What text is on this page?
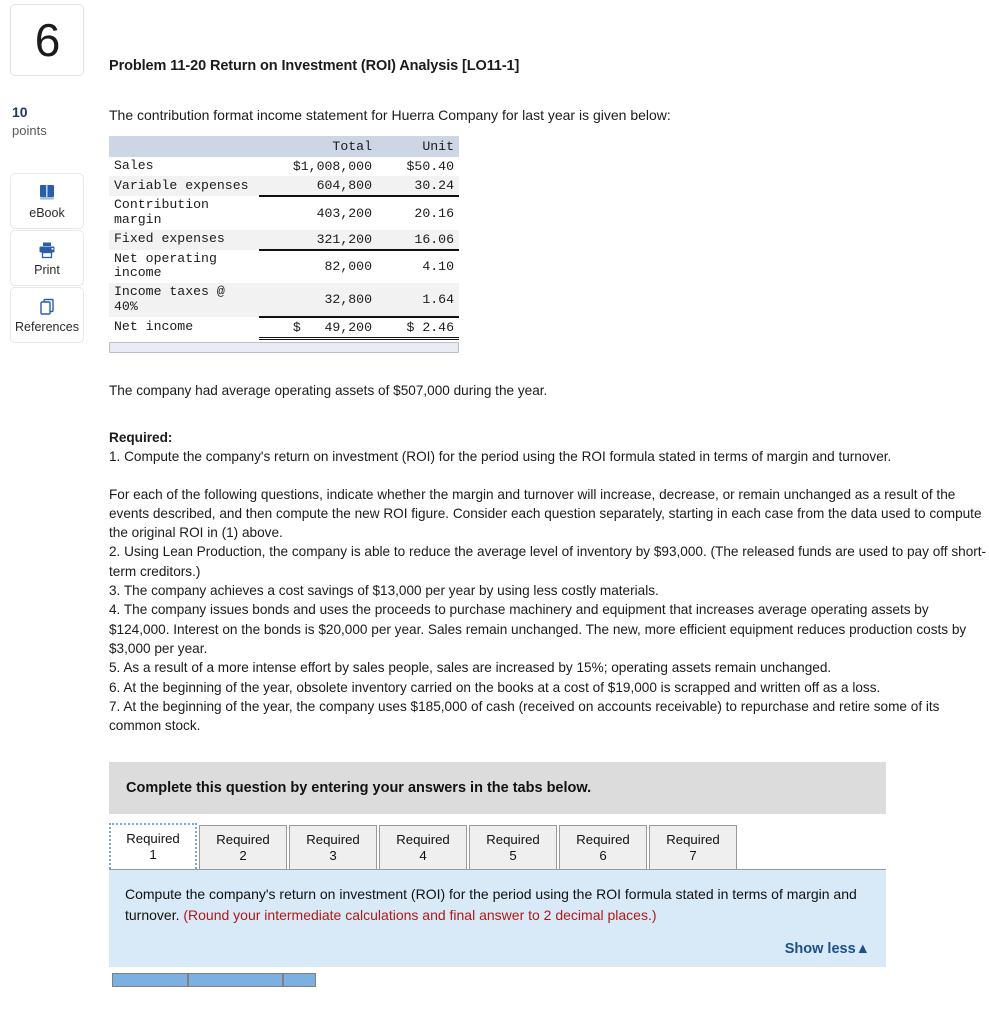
6
10
points
eBook
Print
References
Problem 11-20 Return on Investment (ROI) Analysis [LO11-1]
The contribution format income statement for Huerra Company for last year is given below:
	Total	Unit
Sales	$1,008,000	$50.40
Variable expenses	604,800	30.24
Contribution margin	403,200	20.16
Fixed expenses	321,200	16.06
Net operating income	82,000	4.10
Income taxes @ 40%	32,800	1.64
Net income	$   49,200	$ 2.46
The company had average operating assets of $507,000 during the year.
Required:
1. Compute the company's return on investment (ROI) for the period using the ROI formula stated in terms of margin and turnover.
For each of the following questions, indicate whether the margin and turnover will increase, decrease, or remain unchanged as a result of the events described, and then compute the new ROI figure. Consider each question separately, starting in each case from the data used to compute the original ROI in (1) above.
2. Using Lean Production, the company is able to reduce the average level of inventory by $93,000. (The released funds are used to pay off short-term creditors.)
3. The company achieves a cost savings of $13,000 per year by using less costly materials.
4. The company issues bonds and uses the proceeds to purchase machinery and equipment that increases average operating assets by $124,000. Interest on the bonds is $20,000 per year. Sales remain unchanged. The new, more efficient equipment reduces production costs by $3,000 per year.
5. As a result of a more intense effort by sales people, sales are increased by 15%; operating assets remain unchanged.
6. At the beginning of the year, obsolete inventory carried on the books at a cost of $19,000 is scrapped and written off as a loss.
7. At the beginning of the year, the company uses $185,000 of cash (received on accounts receivable) to repurchase and retire some of its common stock.
Complete this question by entering your answers in the tabs below.
Required
1
Required
2
Required
3
Required
4
Required
5
Required
6
Required
7
Compute the company's return on investment (ROI) for the period using the ROI formula stated in terms of margin and turnover. (Round your intermediate calculations and final answer to 2 decimal places.)
Show less▲
